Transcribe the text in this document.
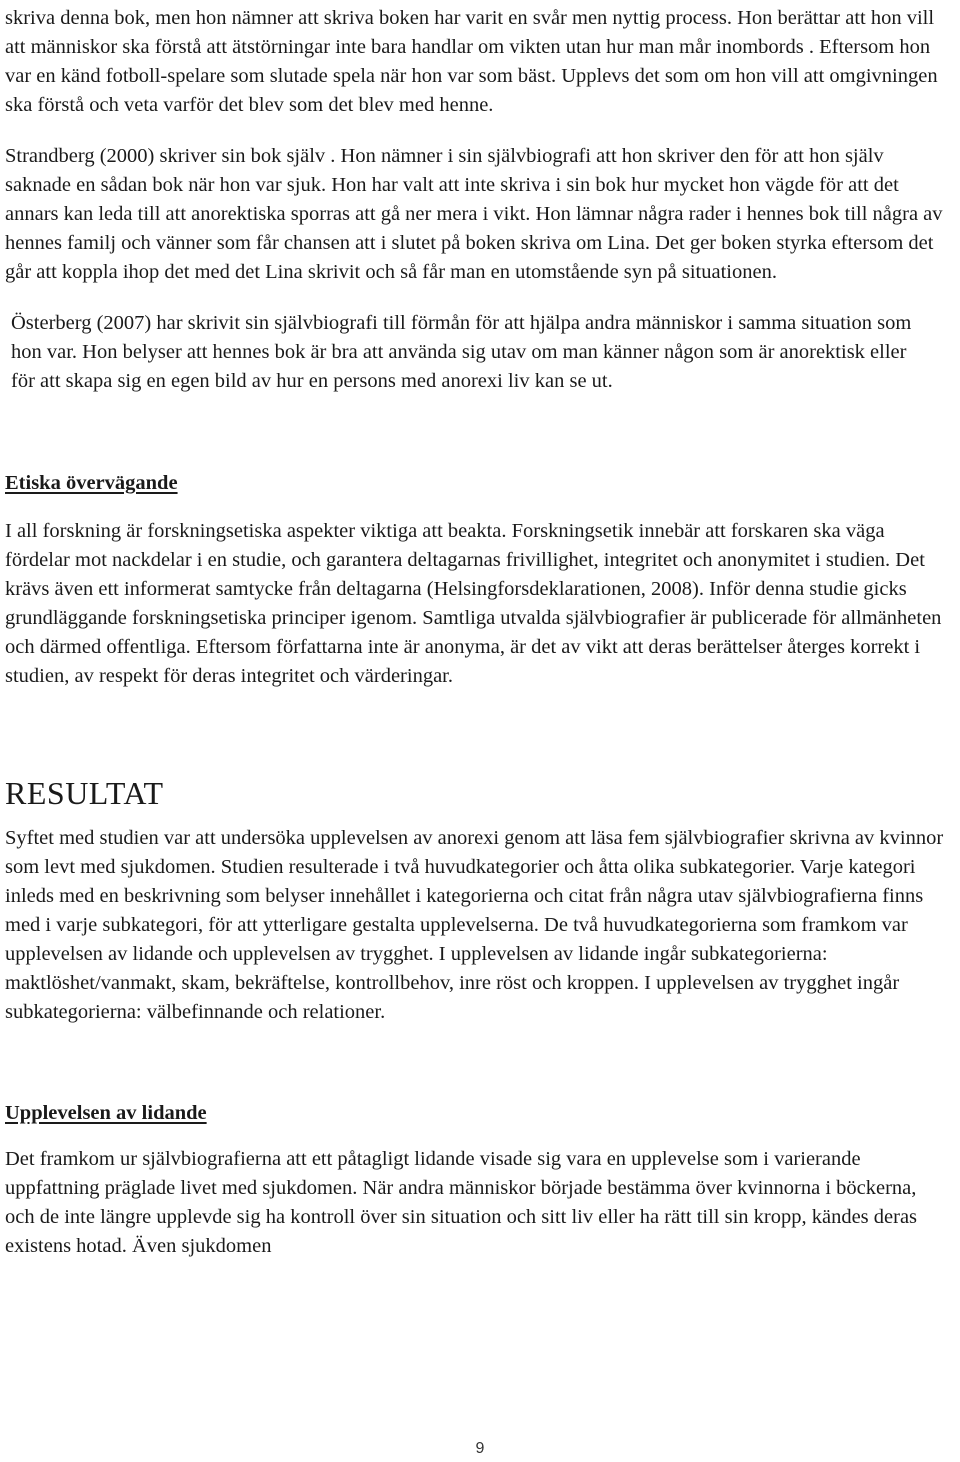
skriva denna bok, men hon nämner att skriva boken har varit en svår men nyttig process. Hon berättar att hon vill att människor ska förstå att ätstörningar inte bara handlar om vikten utan hur man mår inombords . Eftersom hon var en känd fotboll-spelare som slutade spela när hon var som bäst. Upplevs det som om hon vill att omgivningen ska förstå och veta varför det blev som det blev med henne.

Strandberg (2000) skriver sin bok själv . Hon nämner i sin självbiografi att hon skriver den för att hon själv saknade en sådan bok när hon var sjuk. Hon har valt att inte skriva i sin bok hur mycket hon vägde för att det annars kan leda till att anorektiska sporras att gå ner mera i vikt. Hon lämnar några rader i hennes bok till några av hennes familj och vänner som får chansen att i slutet på boken skriva om Lina. Det ger boken styrka eftersom det går att koppla ihop det med det Lina skrivit och så får man en utomstående syn på situationen.

Österberg (2007) har skrivit sin självbiografi till förmån för att hjälpa andra människor i samma situation som hon var. Hon belyser att hennes bok är bra att använda sig utav om man känner någon som är anorektisk eller för att skapa sig en egen bild av hur en persons med anorexi liv kan se ut.

Etiska övervägande

I all forskning är forskningsetiska aspekter viktiga att beakta. Forskningsetik innebär att forskaren ska väga fördelar mot nackdelar i en studie, och garantera deltagarnas frivillighet, integritet och anonymitet i studien. Det krävs även ett informerat samtycke från deltagarna (Helsingforsdeklarationen, 2008). Inför denna studie gicks grundläggande forskningsetiska principer igenom. Samtliga utvalda självbiografier är publicerade för allmänheten och därmed offentliga. Eftersom författarna inte är anonyma, är det av vikt att deras berättelser återges korrekt i studien, av respekt för deras integritet och värderingar.

RESULTAT

Syftet med studien var att undersöka upplevelsen av anorexi genom att läsa fem självbiografier skrivna av kvinnor som levt med sjukdomen. Studien resulterade i två huvudkategorier och åtta olika subkategorier. Varje kategori inleds med en beskrivning som belyser innehållet i kategorierna och citat från några utav självbiografierna finns med i varje subkategori, för att ytterligare gestalta upplevelserna. De två huvudkategorierna som framkom var upplevelsen av lidande och upplevelsen av trygghet. I upplevelsen av lidande ingår subkategorierna: maktlöshet/vanmakt, skam, bekräftelse, kontrollbehov, inre röst och kroppen. I upplevelsen av trygghet ingår subkategorierna: välbefinnande och relationer.

Upplevelsen av lidande

Det framkom ur självbiografierna att ett påtagligt lidande visade sig vara en upplevelse som i varierande uppfattning präglade livet med sjukdomen. När andra människor började bestämma över kvinnorna i böckerna, och de inte längre upplevde sig ha kontroll över sin situation och sitt liv eller ha rätt till sin kropp, kändes deras existens hotad. Även sjukdomen

9
